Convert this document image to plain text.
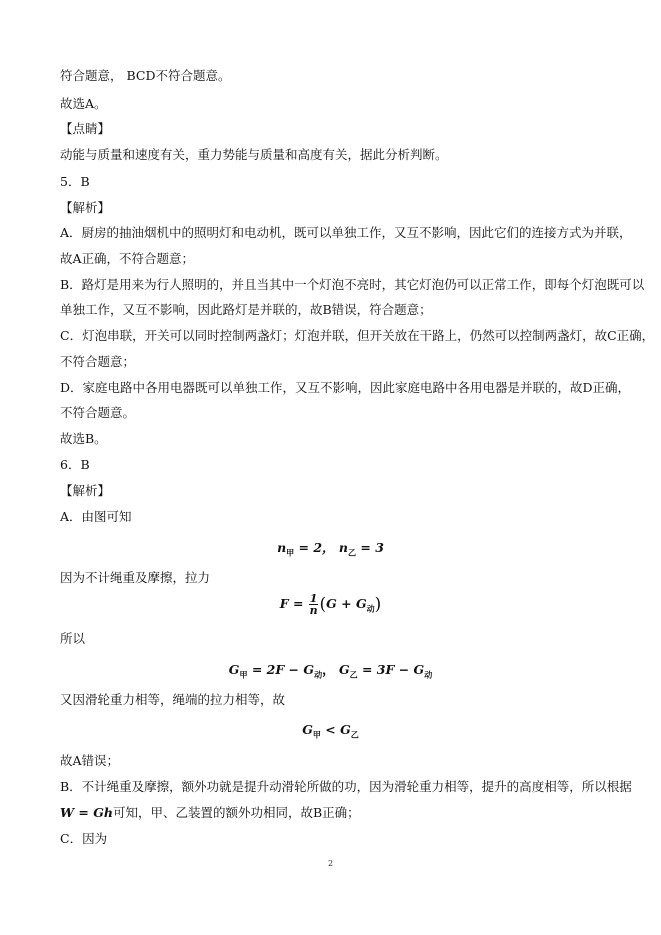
符合题意， BCD不符合题意。
故选A。
【点睛】
动能与质量和速度有关，重力势能与质量和高度有关，据此分析判断。
5．B
【解析】
A．厨房的抽油烟机中的照明灯和电动机，既可以单独工作，又互不影响，因此它们的连接方式为并联，
故A正确，不符合题意；
B．路灯是用来为行人照明的，并且当其中一个灯泡不亮时，其它灯泡仍可以正常工作，即每个灯泡既可以
单独工作，又互不影响，因此路灯是并联的，故B错误，符合题意；
C．灯泡串联，开关可以同时控制两盏灯；灯泡并联，但开关放在干路上，仍然可以控制两盏灯，故C正确，
不符合题意；
D．家庭电路中各用电器既可以单独工作，又互不影响，因此家庭电路中各用电器是并联的，故D正确，
不符合题意。
故选B。
6．B
【解析】
A．由图可知
$n_甲 = 2$， $n_乙 = 3$
因为不计绳重及摩擦，拉力
$F = \frac{1}{n} (G + G_动)$
所以
$G_甲 = 2F - G_动$， $G_乙 = 3F - G_动$
又因滑轮重力相等，绳端的拉力相等，故
$G_甲 < G_乙$
故A错误；
B．不计绳重及摩擦，额外功就是提升动滑轮所做的功，因为滑轮重力相等，提升的高度相等，所以根据
W = Gh可知，甲、乙装置的额外功相同，故B正确；
C．因为
2
